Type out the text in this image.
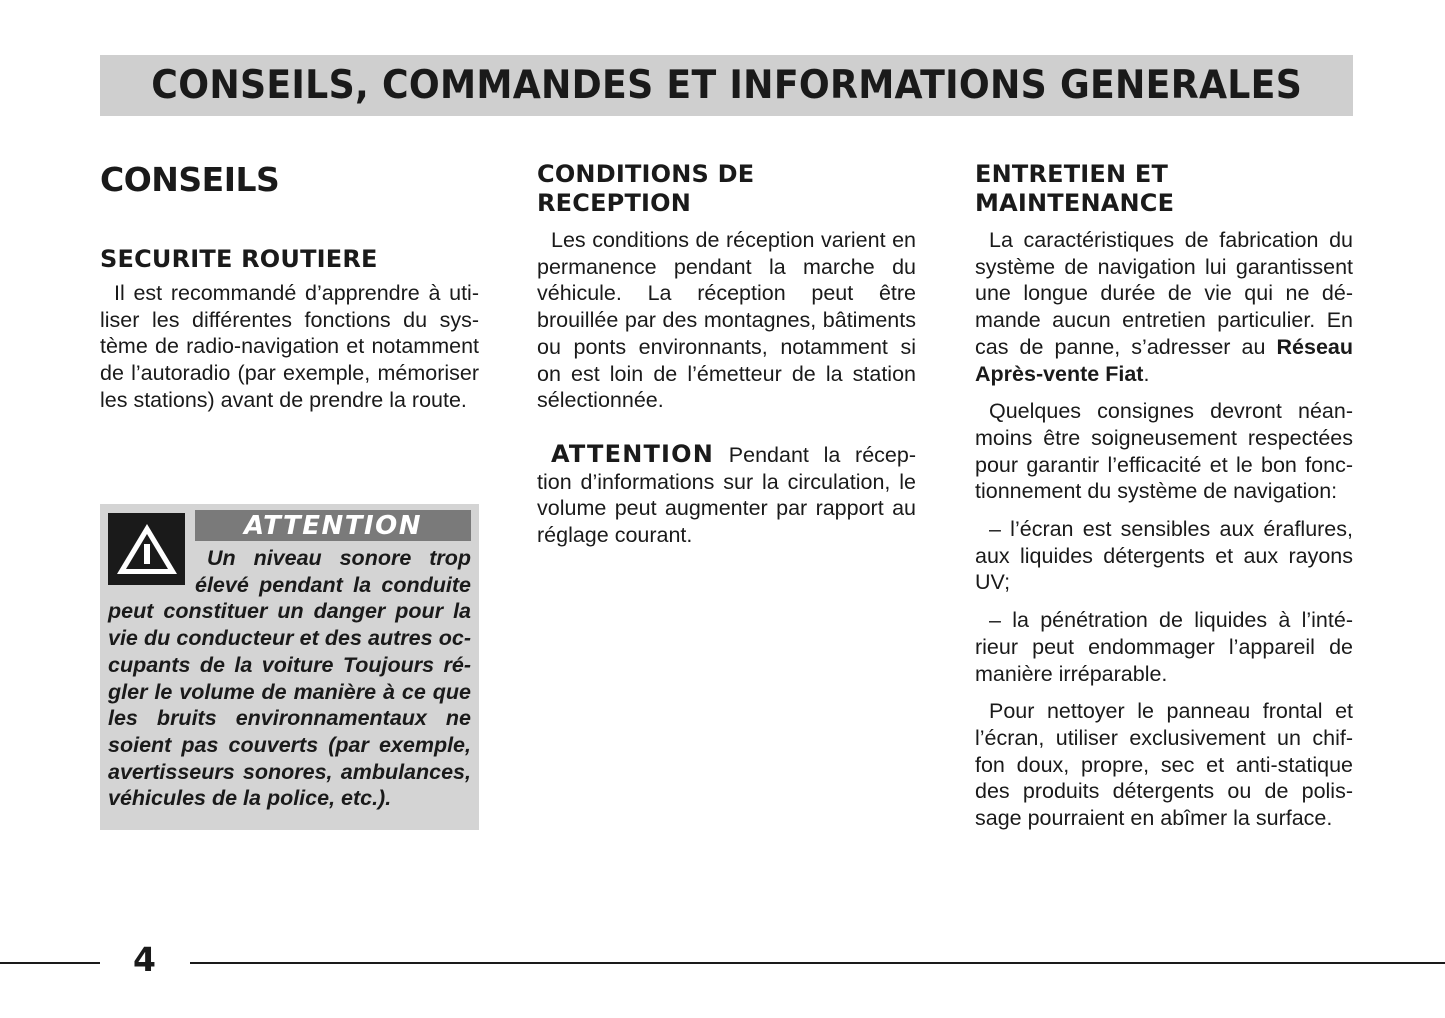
CONSEILS, COMMANDES ET INFORMATIONS GENERALES
CONSEILS
SECURITE ROUTIERE

Il est recommandé d’apprendre à utiliser les différentes fonctions du système de radio-navigation et notamment de l’autoradio (par exemple, mémoriser les stations) avant de prendre la route.

ATTENTION

Un niveau sonore trop élevé pendant la conduite peut constituer un danger pour la vie du conducteur et des autres occupants de la voiture Toujours régler le volume de manière à ce que les bruits environnamentaux ne soient pas couverts (par exemple, avertisseurs sonores, ambulances, véhicules de la police, etc.).

CONDITIONS DE
RECEPTION

Les conditions de réception varient en permanence pendant la marche du véhicule. La réception peut être brouillée par des montagnes, bâtiments ou ponts environnants, notamment si on est loin de l’émetteur de la station sélectionnée.

ATTENTION Pendant la réception d’informations sur la circulation, le volume peut augmenter par rapport au réglage courant.

ENTRETIEN ET
MAINTENANCE

La caractéristiques de fabrication du système de navigation lui garantissent une longue durée de vie qui ne démande aucun entretien particulier. En cas de panne, s’adresser au Réseau Après-vente Fiat.

Quelques consignes devront néanmoins être soigneusement respectées pour garantir l’efficacité et le bon fonctionnement du système de navigation:

– l’écran est sensibles aux éraflures, aux liquides détergents et aux rayons UV;

– la pénétration de liquides à l’intérieur peut endommager l’appareil de manière irréparable.

Pour nettoyer le panneau frontal et l’écran, utiliser exclusivement un chiffon doux, propre, sec et anti-statique des produits détergents ou de polissage pourraient en abîmer la surface.

4
